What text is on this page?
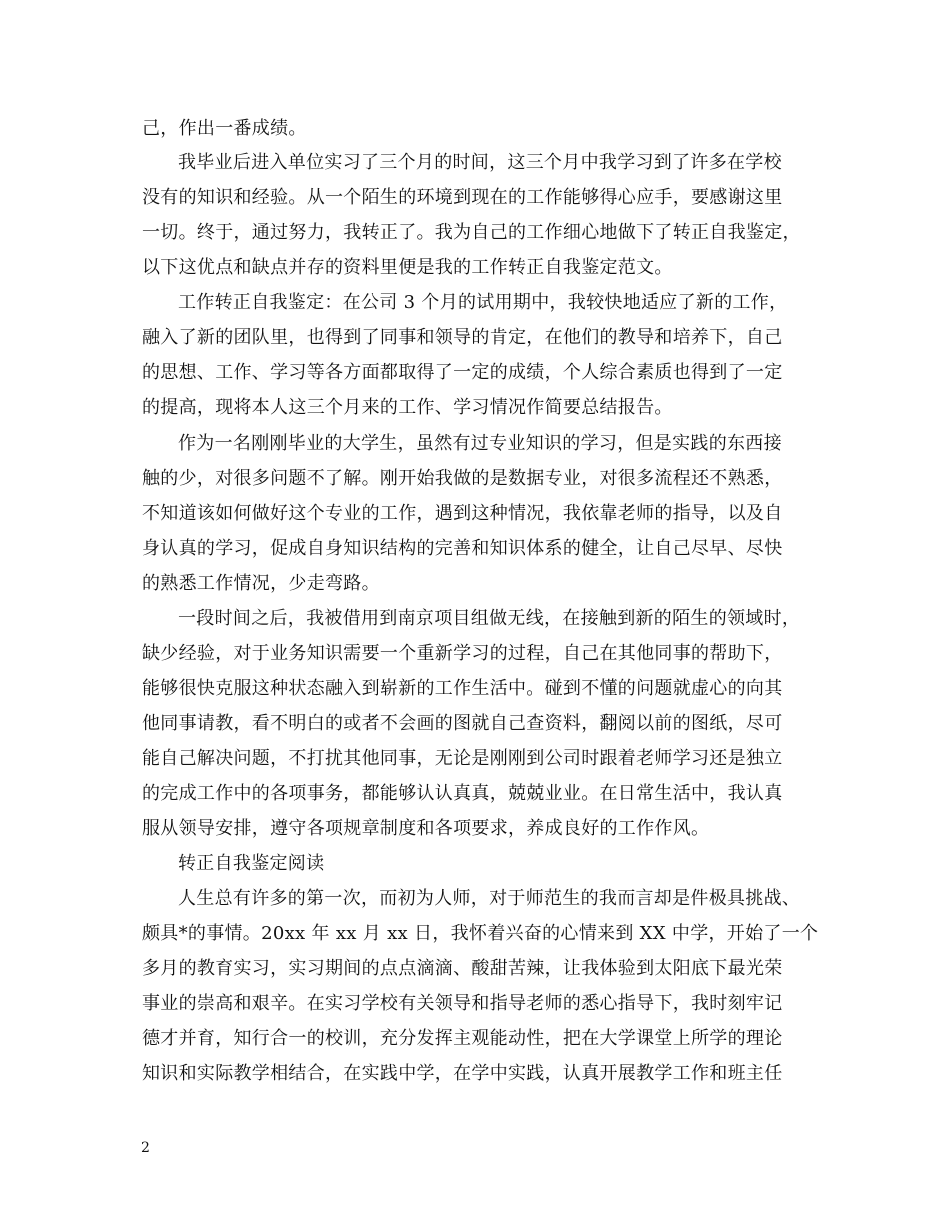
己，作出一番成绩。
我毕业后进入单位实习了三个月的时间，这三个月中我学习到了许多在学校
没有的知识和经验。从一个陌生的环境到现在的工作能够得心应手，要感谢这里
一切。终于，通过努力，我转正了。我为自己的工作细心地做下了转正自我鉴定，
以下这优点和缺点并存的资料里便是我的工作转正自我鉴定范文。
工作转正自我鉴定：在公司 3 个月的试用期中，我较快地适应了新的工作，
融入了新的团队里，也得到了同事和领导的肯定，在他们的教导和培养下，自己
的思想、工作、学习等各方面都取得了一定的成绩，个人综合素质也得到了一定
的提高，现将本人这三个月来的工作、学习情况作简要总结报告。
作为一名刚刚毕业的大学生，虽然有过专业知识的学习，但是实践的东西接
触的少，对很多问题不了解。刚开始我做的是数据专业，对很多流程还不熟悉，
不知道该如何做好这个专业的工作，遇到这种情况，我依靠老师的指导，以及自
身认真的学习，促成自身知识结构的完善和知识体系的健全，让自己尽早、尽快
的熟悉工作情况，少走弯路。
一段时间之后，我被借用到南京项目组做无线，在接触到新的陌生的领域时，
缺少经验，对于业务知识需要一个重新学习的过程，自己在其他同事的帮助下，
能够很快克服这种状态融入到崭新的工作生活中。碰到不懂的问题就虚心的向其
他同事请教，看不明白的或者不会画的图就自己查资料，翻阅以前的图纸，尽可
能自己解决问题，不打扰其他同事，无论是刚刚到公司时跟着老师学习还是独立
的完成工作中的各项事务，都能够认认真真，兢兢业业。在日常生活中，我认真
服从领导安排，遵守各项规章制度和各项要求，养成良好的工作作风。
转正自我鉴定阅读
人生总有许多的第一次，而初为人师，对于师范生的我而言却是件极具挑战、
颇具*的事情。20xx 年 xx 月 xx 日，我怀着兴奋的心情来到 XX 中学，开始了一个
多月的教育实习，实习期间的点点滴滴、酸甜苦辣，让我体验到太阳底下最光荣
事业的崇高和艰辛。在实习学校有关领导和指导老师的悉心指导下，我时刻牢记
德才并育，知行合一的校训，充分发挥主观能动性，把在大学课堂上所学的理论
知识和实际教学相结合，在实践中学，在学中实践，认真开展教学工作和班主任
2
